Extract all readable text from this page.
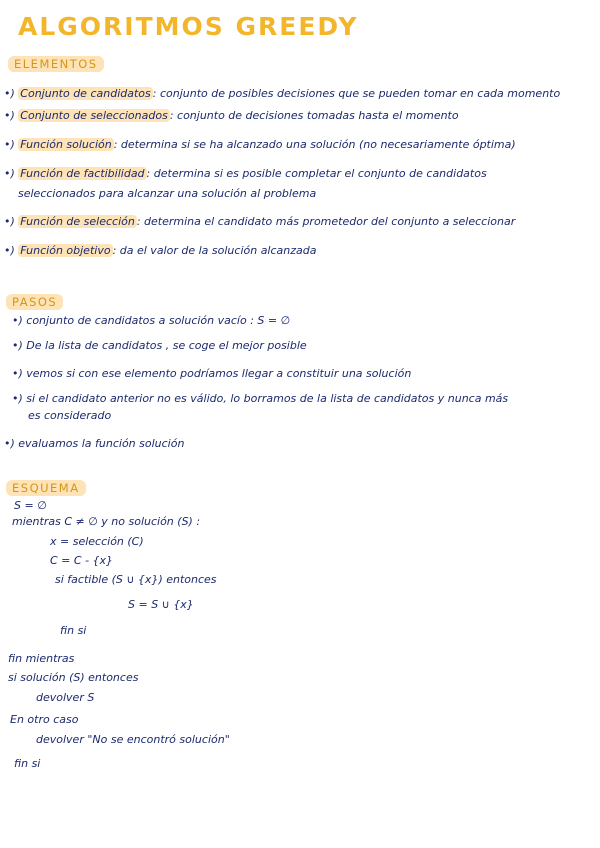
ALGORITMOS GREEDY
ELEMENTOS
•) Conjunto de candidatos : conjunto de posibles decisiones que se pueden tomar en cada momento
•) Conjunto de seleccionados : conjunto de decisiones tomadas hasta el momento
•) Función solución : determina si se ha alcanzado una solución (no necesariamente óptima)
•) Función de factibilidad : determina si es posible completar el conjunto de candidatos
seleccionados para alcanzar una solución al problema
•) Función de selección : determina el candidato más prometedor del conjunto a seleccionar
•) Función objetivo : da el valor de la solución alcanzada
PASOS
•) conjunto de candidatos a solución vacío : S = ∅
•) De la lista de candidatos , se coge el mejor posible
•) vemos si con ese elemento podríamos llegar a constituir una solución
•) si el candidato anterior no es válido, lo borramos de la lista de candidatos y nunca más
es considerado
•) evaluamos la función solución
ESQUEMA
S = ∅
mientras C ≠ ∅ y no solución (S) :
x = selección (C)
C = C - {x}
si factible (S ∪ {x}) entonces
S = S ∪ {x}
fin si
fin mientras
si solución (S) entonces
devolver S
En otro caso
devolver "No se encontró solución"
fin si
